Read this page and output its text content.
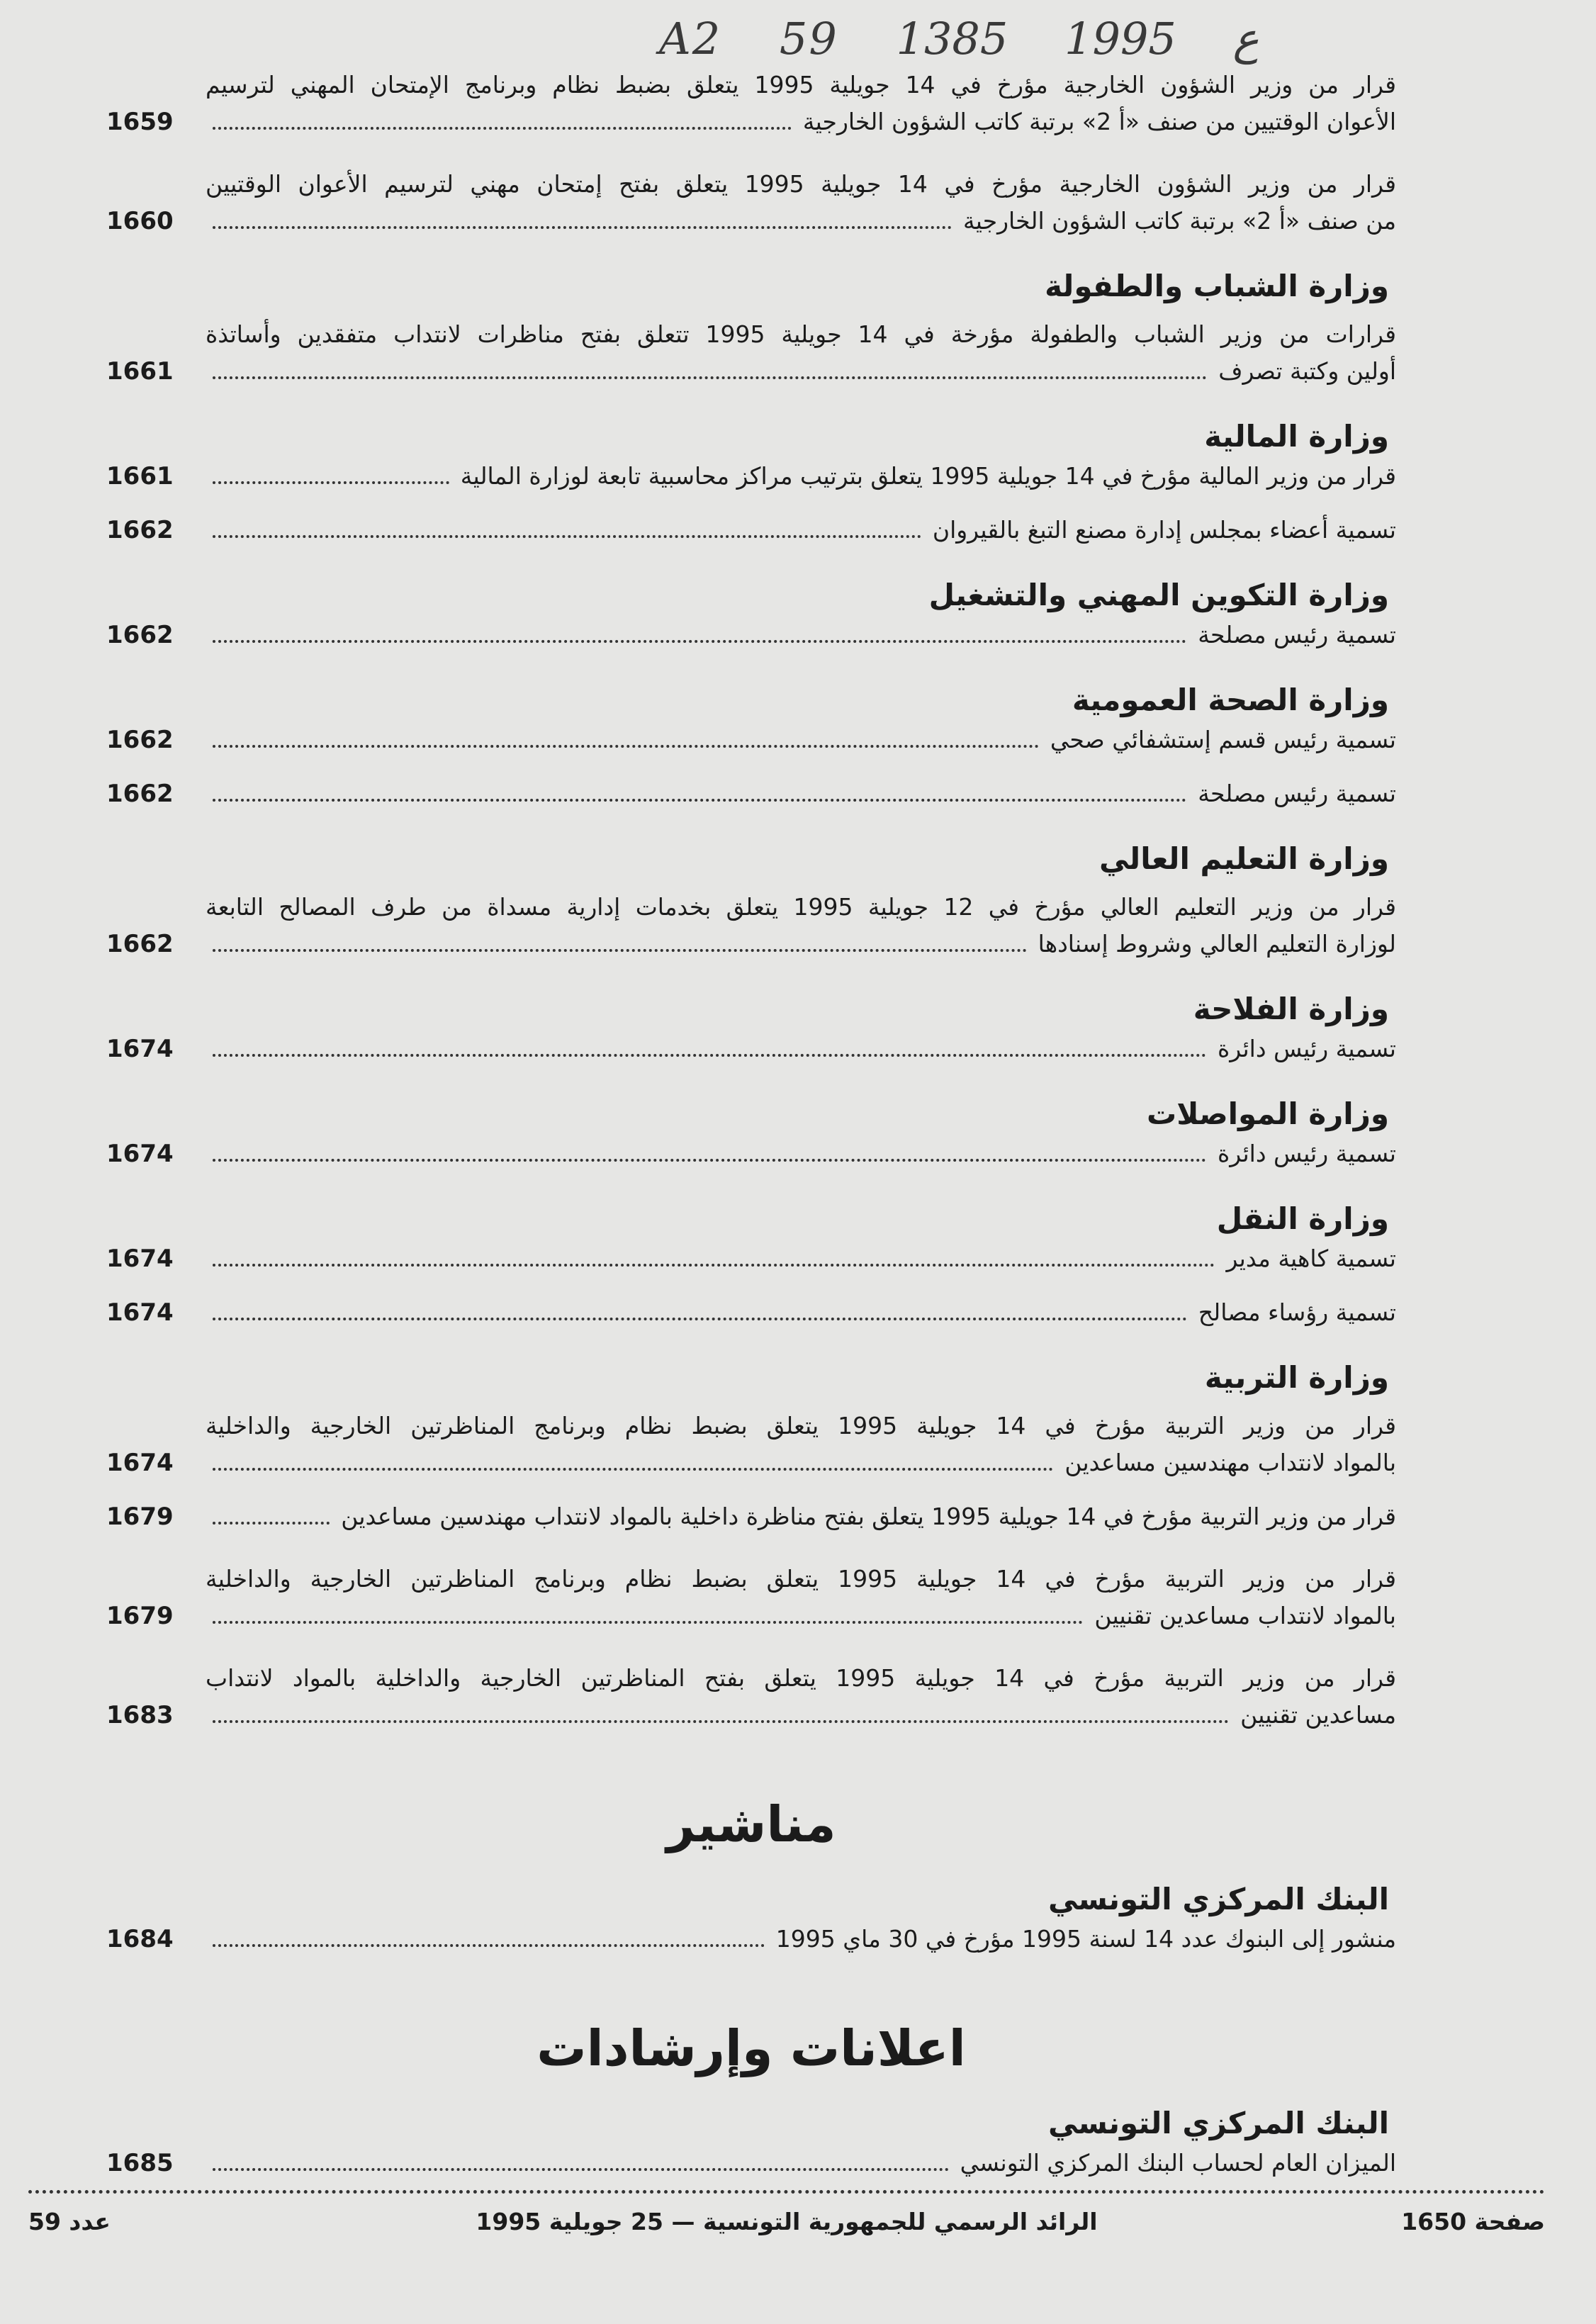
A2 59 ع 1995 1385
قرار من وزير الشؤون الخارجية مؤرخ في 14 جويلية 1995 يتعلق بضبط نظام وبرنامج الإمتحان المهني لترسيم
الأعوان الوقتيين من صنف «أ 2» برتبة كاتب الشؤون الخارجية
1659
قرار من وزير الشؤون الخارجية مؤرخ في 14 جويلية 1995 يتعلق بفتح إمتحان مهني لترسيم الأعوان الوقتيين
من صنف «أ 2» برتبة كاتب الشؤون الخارجية
1660
وزارة الشباب والطفولة
قرارات من وزير الشباب والطفولة مؤرخة في 14 جويلية 1995 تتعلق بفتح مناظرات لانتداب متفقدين وأساتذة
أولين وكتبة تصرف
1661
وزارة المالية
قرار من وزير المالية مؤرخ في 14 جويلية 1995 يتعلق بترتيب مراكز محاسبية تابعة لوزارة المالية
1661
تسمية أعضاء بمجلس إدارة مصنع التبغ بالقيروان
1662
وزارة التكوين المهني والتشغيل
تسمية رئيس مصلحة
1662
وزارة الصحة العمومية
تسمية رئيس قسم إستشفائي صحي
1662
تسمية رئيس مصلحة
1662
وزارة التعليم العالي
قرار من وزير التعليم العالي مؤرخ في 12 جويلية 1995 يتعلق بخدمات إدارية مسداة من طرف المصالح التابعة
لوزارة التعليم العالي وشروط إسنادها
1662
وزارة الفلاحة
تسمية رئيس دائرة
1674
وزارة المواصلات
تسمية رئيس دائرة
1674
وزارة النقل
تسمية كاهية مدير
1674
تسمية رؤساء مصالح
1674
وزارة التربية
قرار من وزير التربية مؤرخ في 14 جويلية 1995 يتعلق بضبط نظام وبرنامج المناظرتين الخارجية والداخلية
بالمواد لانتداب مهندسين مساعدين
1674
قرار من وزير التربية مؤرخ في 14 جويلية 1995 يتعلق بفتح مناظرة داخلية بالمواد لانتداب مهندسين مساعدين
1679
قرار من وزير التربية مؤرخ في 14 جويلية 1995 يتعلق بضبط نظام وبرنامج المناظرتين الخارجية والداخلية
بالمواد لانتداب مساعدين تقنيين
1679
قرار من وزير التربية مؤرخ في 14 جويلية 1995 يتعلق بفتح المناظرتين الخارجية والداخلية بالمواد لانتداب
مساعدين تقنيين
1683
مناشير
البنك المركزي التونسي
منشور إلى البنوك عدد 14 لسنة 1995 مؤرخ في 30 ماي 1995
1684
اعلانات وإرشادات
البنك المركزي التونسي
الميزان العام لحساب البنك المركزي التونسي
1685
عدد 59	الرائد الرسمي للجمهورية التونسية — 25 جويلية 1995	صفحة 1650
